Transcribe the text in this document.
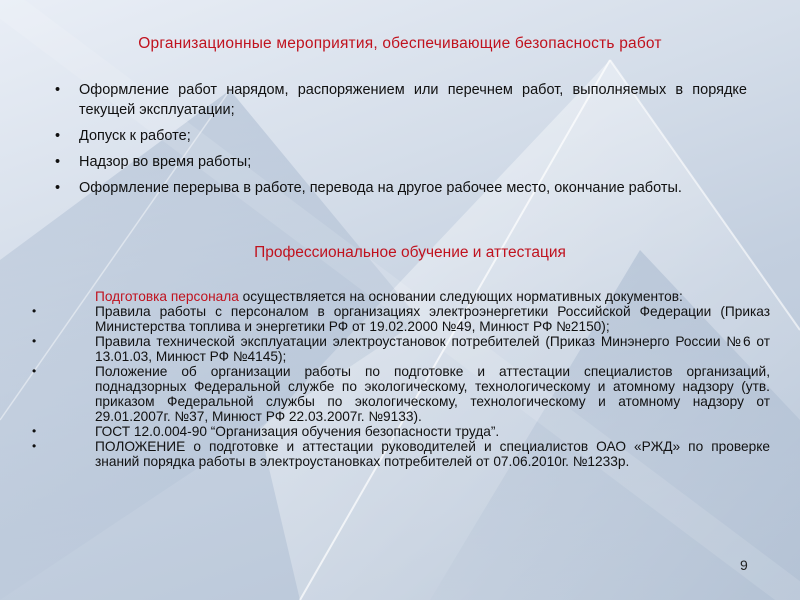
Организационные мероприятия, обеспечивающие безопасность работ
• Оформление работ нарядом, распоряжением или перечнем работ, выполняемых в порядке текущей эксплуатации;
• Допуск к работе;
• Надзор во время работы;
• Оформление перерыва в работе, перевода на другое рабочее место, окончание работы.
Профессиональное обучение и аттестация

Подготовка персонала осуществляется на основании следующих нормативных документов:

•	Правила работы с персоналом в организациях электроэнергетики Российской Федерации (Приказ Министерства топлива и энергетики РФ от 19.02.2000 №49, Минюст РФ №2150);
•	Правила технической эксплуатации электроустановок потребителей (Приказ Минэнерго России №6 от 13.01.03, Минюст РФ №4145);
•	Положение об организации работы по подготовке и аттестации специалистов организаций, поднадзорных Федеральной службе по экологическому, технологическому и атомному надзору (утв. приказом Федеральной службы по экологическому, технологическому и атомному надзору от 29.01.2007г. №37, Минюст РФ 22.03.2007г. №9133).
•	ГОСТ 12.0.004-90 “Организация обучения безопасности труда”.
•	ПОЛОЖЕНИЕ о подготовке и аттестации руководителей и специалистов ОАО «РЖД» по проверке знаний порядка работы в электроустановках потребителей от 07.06.2010г. №1233р.
9
